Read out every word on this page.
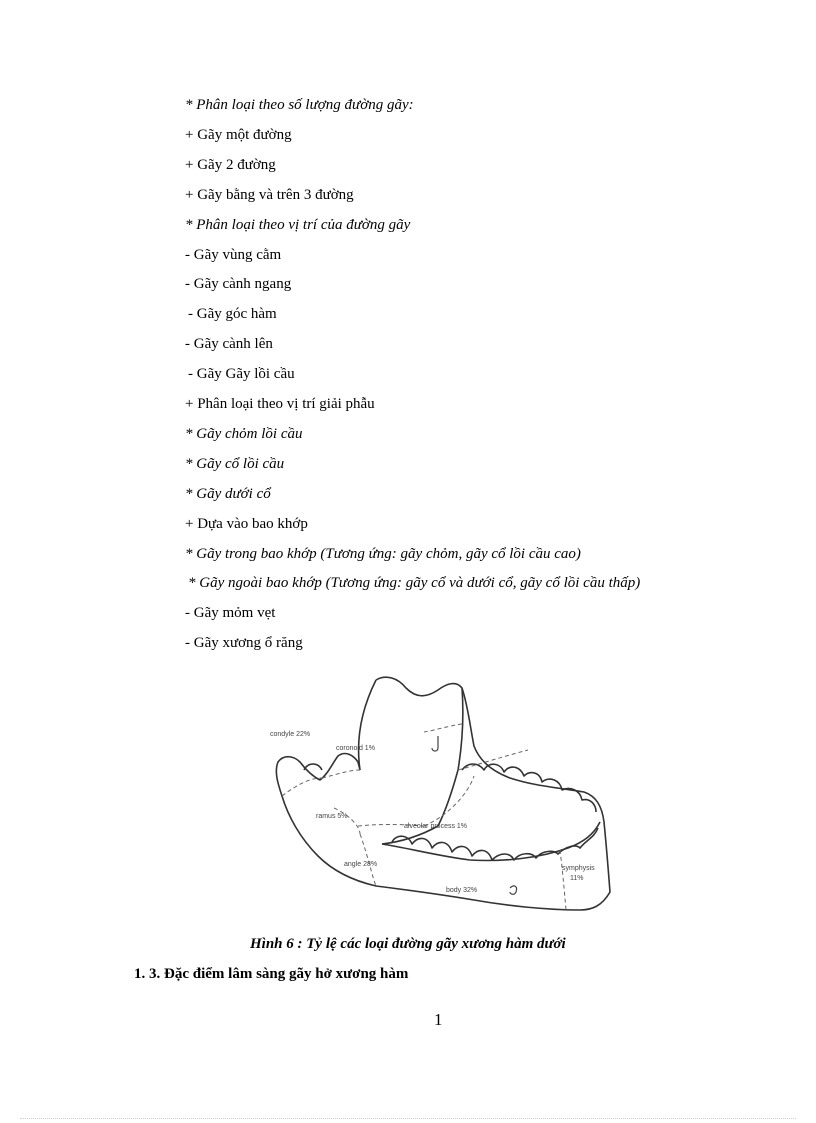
* Phân loại theo số lượng đường gãy:
+ Gãy một đường
+ Gãy 2 đường
+ Gãy bằng và trên 3 đường
* Phân loại theo vị trí của đường gãy
- Gãy vùng cằm
- Gãy cành ngang
- Gãy góc hàm
- Gãy cành lên
- Gãy Gãy lồi cầu
+ Phân loại theo vị trí giải phẫu
* Gãy chỏm lồi cầu
* Gãy cổ lồi cầu
* Gãy dưới cổ
+ Dựa vào bao khớp
* Gãy trong bao khớp (Tương ứng: gãy chỏm, gãy cổ lồi cầu cao)
* Gãy ngoài bao khớp (Tương ứng: gãy cổ và dưới cổ, gãy cổ lồi cầu thấp)
- Gãy mỏm vẹt
- Gãy xương ổ răng
condyle 22%
coronoid 1%
ramus 5%
alveolar process 1%
angle 28%
body 32%
symphysis
11%
Hình 6 : Tỷ lệ các loại đường gãy xương hàm dưới
1. 3. Đặc điểm lâm sàng gãy hở xương hàm
1
